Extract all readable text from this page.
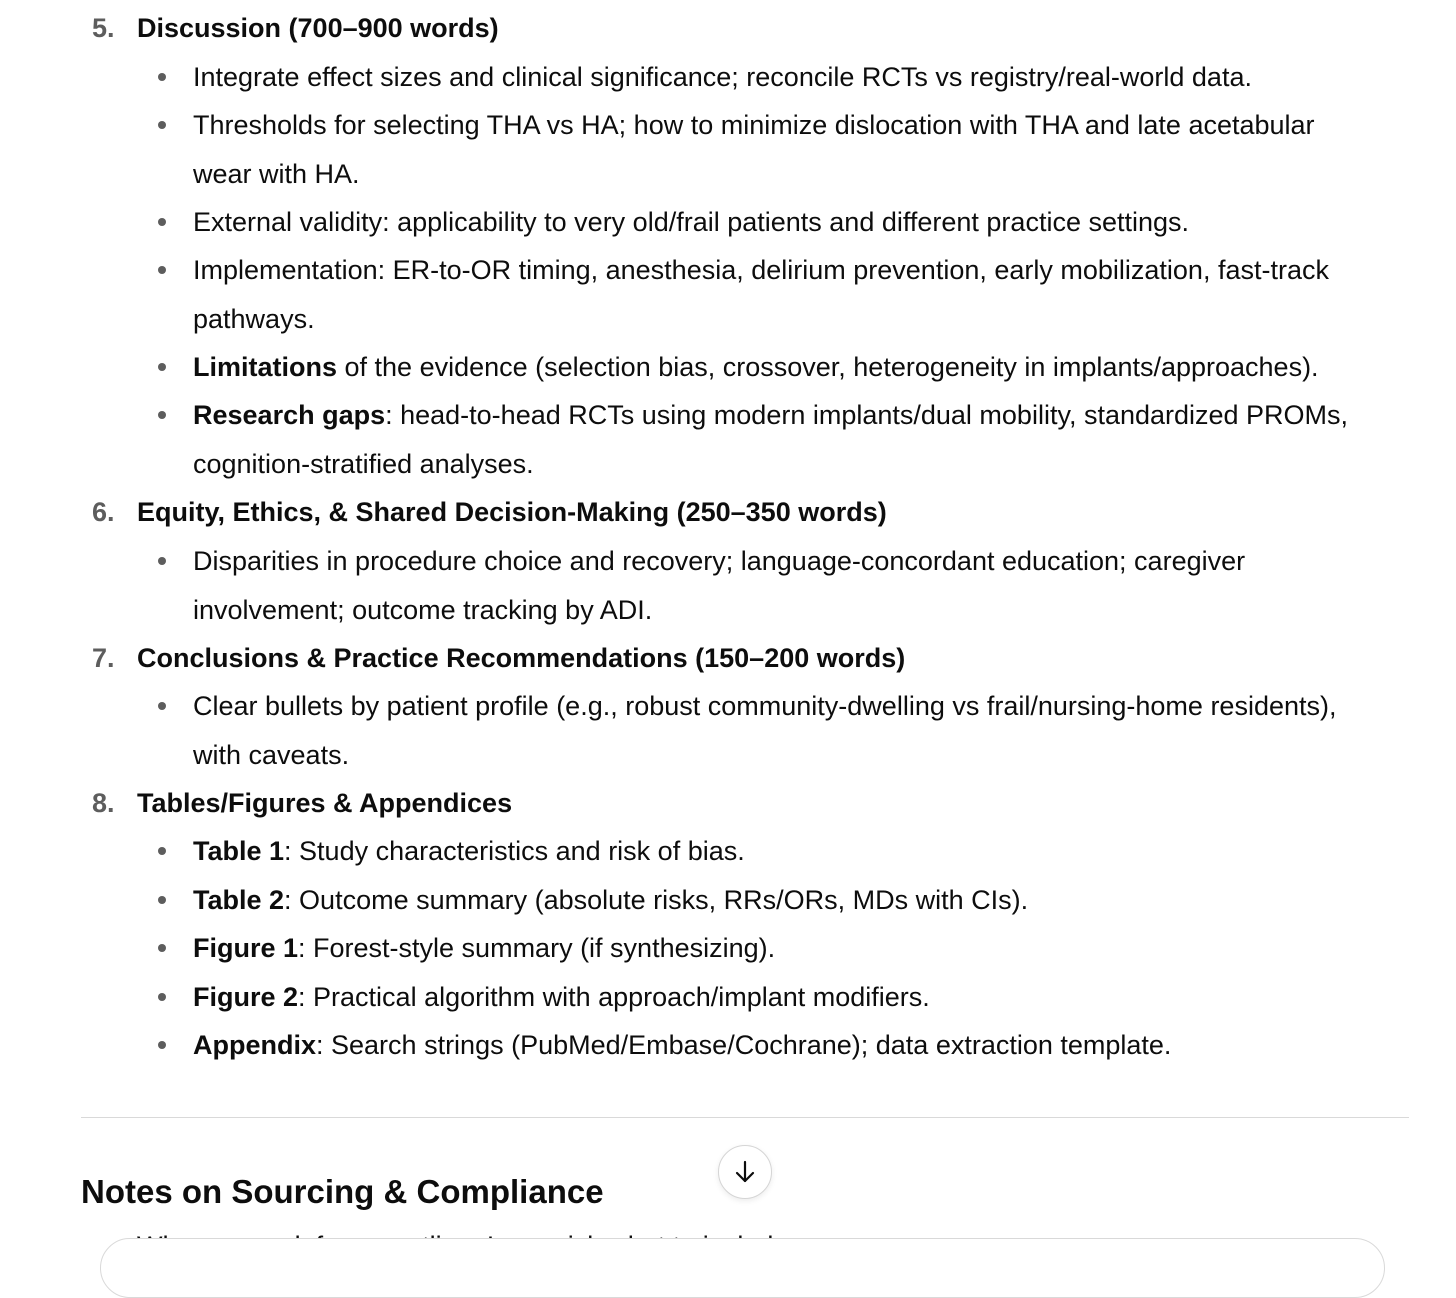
5. Discussion (700–900 words)
Integrate effect sizes and clinical significance; reconcile RCTs vs registry/real-world data.
Thresholds for selecting THA vs HA; how to minimize dislocation with THA and late acetabular
wear with HA.
External validity: applicability to very old/frail patients and different practice settings.
Implementation: ER-to-OR timing, anesthesia, delirium prevention, early mobilization, fast-track
pathways.
Limitations of the evidence (selection bias, crossover, heterogeneity in implants/approaches).
Research gaps: head-to-head RCTs using modern implants/dual mobility, standardized PROMs,
cognition-stratified analyses.
6. Equity, Ethics, & Shared Decision-Making (250–350 words)
Disparities in procedure choice and recovery; language-concordant education; caregiver
involvement; outcome tracking by ADI.
7. Conclusions & Practice Recommendations (150–200 words)
Clear bullets by patient profile (e.g., robust community-dwelling vs frail/nursing-home residents),
with caveats.
8. Tables/Figures & Appendices
Table 1: Study characteristics and risk of bias.
Table 2: Outcome summary (absolute risks, RRs/ORs, MDs with CIs).
Figure 1: Forest-style summary (if synthesizing).
Figure 2: Practical algorithm with approach/implant modifiers.
Appendix: Search strings (PubMed/Embase/Cochrane); data extraction template.
Notes on Sourcing & Compliance
